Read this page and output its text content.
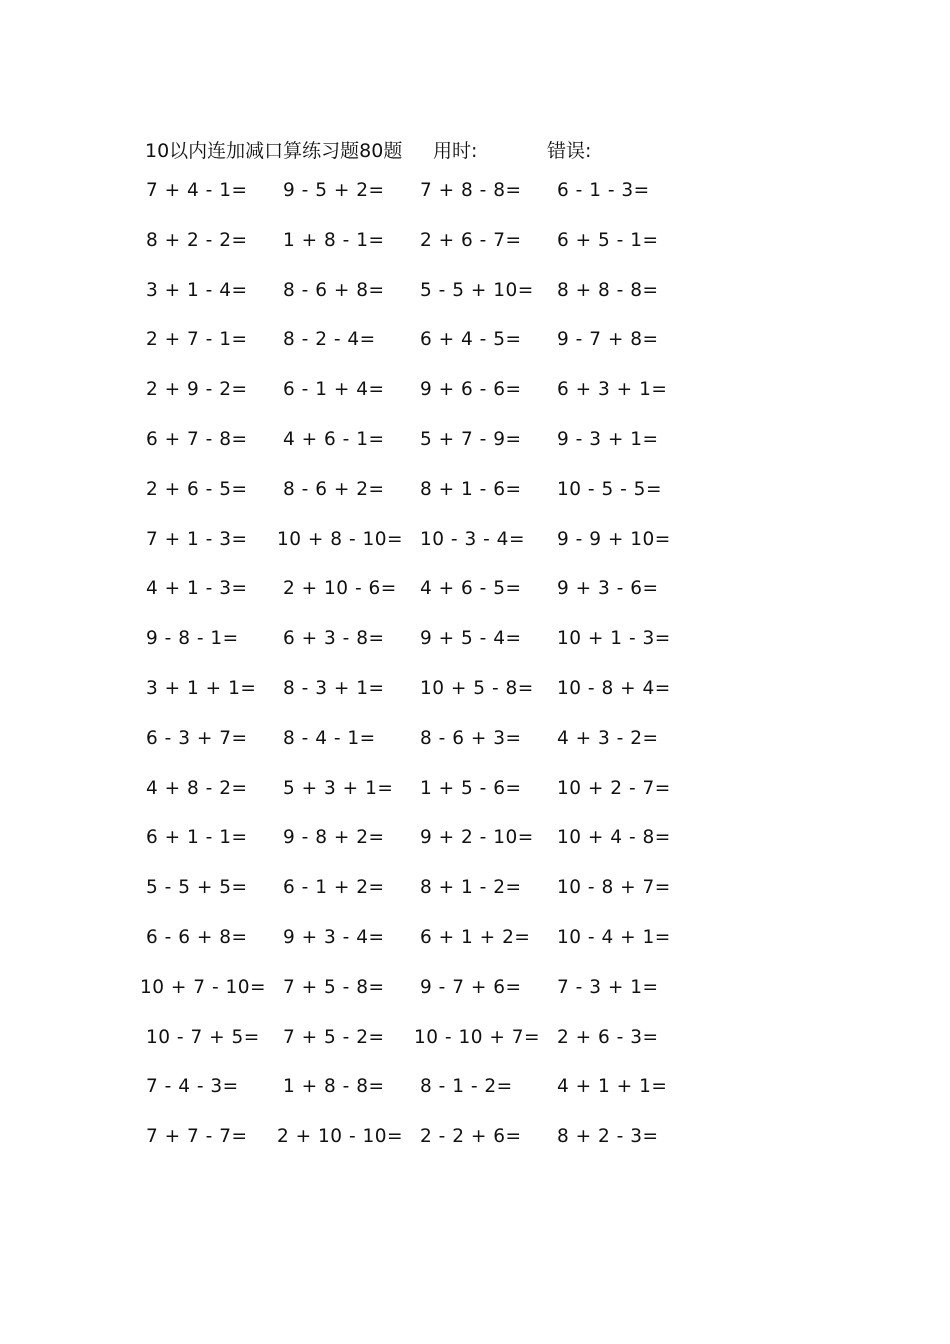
10以内连加减口算练习题80题 用时:	错误:
7 + 4 - 1= 9 - 5 + 2= 7 + 8 - 8= 6 - 1 - 3=
8 + 2 - 2= 1 + 8 - 1= 2 + 6 - 7= 6 + 5 - 1=
3 + 1 - 4= 8 - 6 + 8= 5 - 5 + 10= 8 + 8 - 8=
2 + 7 - 1= 8 - 2 - 4= 6 + 4 - 5= 9 - 7 + 8=
2 + 9 - 2= 6 - 1 + 4= 9 + 6 - 6= 6 + 3 + 1=
6 + 7 - 8= 4 + 6 - 1= 5 + 7 - 9= 9 - 3 + 1=
2 + 6 - 5= 8 - 6 + 2= 8 + 1 - 6= 10 - 5 - 5=
7 + 1 - 3= 10 + 8 - 10= 10 - 3 - 4= 9 - 9 + 10=
4 + 1 - 3= 2 + 10 - 6= 4 + 6 - 5= 9 + 3 - 6=
9 - 8 - 1= 6 + 3 - 8= 9 + 5 - 4= 10 + 1 - 3=
3 + 1 + 1= 8 - 3 + 1= 10 + 5 - 8= 10 - 8 + 4=
6 - 3 + 7= 8 - 4 - 1= 8 - 6 + 3= 4 + 3 - 2=
4 + 8 - 2= 5 + 3 + 1= 1 + 5 - 6= 10 + 2 - 7=
6 + 1 - 1= 9 - 8 + 2= 9 + 2 - 10= 10 + 4 - 8=
5 - 5 + 5= 6 - 1 + 2= 8 + 1 - 2= 10 - 8 + 7=
6 - 6 + 8= 9 + 3 - 4= 6 + 1 + 2= 10 - 4 + 1=
10 + 7 - 10= 7 + 5 - 8= 9 - 7 + 6= 7 - 3 + 1=
10 - 7 + 5= 7 + 5 - 2= 10 - 10 + 7= 2 + 6 - 3=
7 - 4 - 3= 1 + 8 - 8= 8 - 1 - 2= 4 + 1 + 1=
7 + 7 - 7= 2 + 10 - 10= 2 - 2 + 6= 8 + 2 - 3=
